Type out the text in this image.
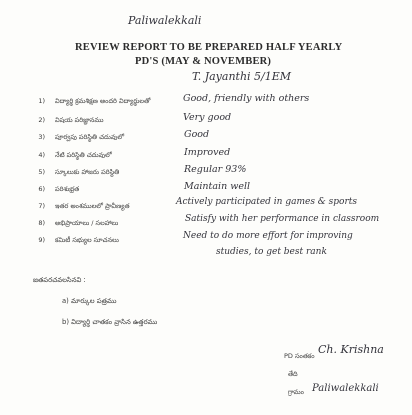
Paliwalekkali
REVIEW REPORT TO BE PREPARED HALF YEARLY
PD'S (MAY & NOVEMBER)
T. Jayanthi 5/1EM
1) విద్యార్థి క్రమశిక్షణ అందరి విద్యార్థులతో	Good, friendly with others
2) విషయ పరిజ్ఞానము	Very good
3) పూర్వపు పరిస్థితి చదువులో	Good
4) నేటి పరిస్థితి చదువులో	Improved
5) స్కూలుకు హాజరు పరిస్థితి	Regular 93%
6) పరిశుభ్రత	Maintain well
7) ఇతర అంశములలో ప్రావీణ్యత	Actively participated in games & sports
8) అభిప్రాయాలు / సలహాలు	Satisfy with her performance in classroom
9) కమిటీ సభ్యుల సూచనలు	Need to do more effort for improving
studies, to get best rank
జతపరచవలసినవి :
a) మార్కుల పత్రము
b) విద్యార్థి చాతకం వ్రాసిన ఉత్తరము
PD సంతకం Ch. Krishna
తేది
గ్రామం Paliwalekkali
